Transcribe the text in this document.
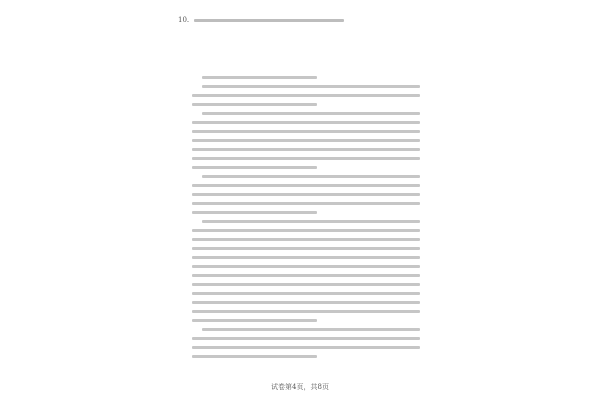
10.
试卷第4页，共8页
